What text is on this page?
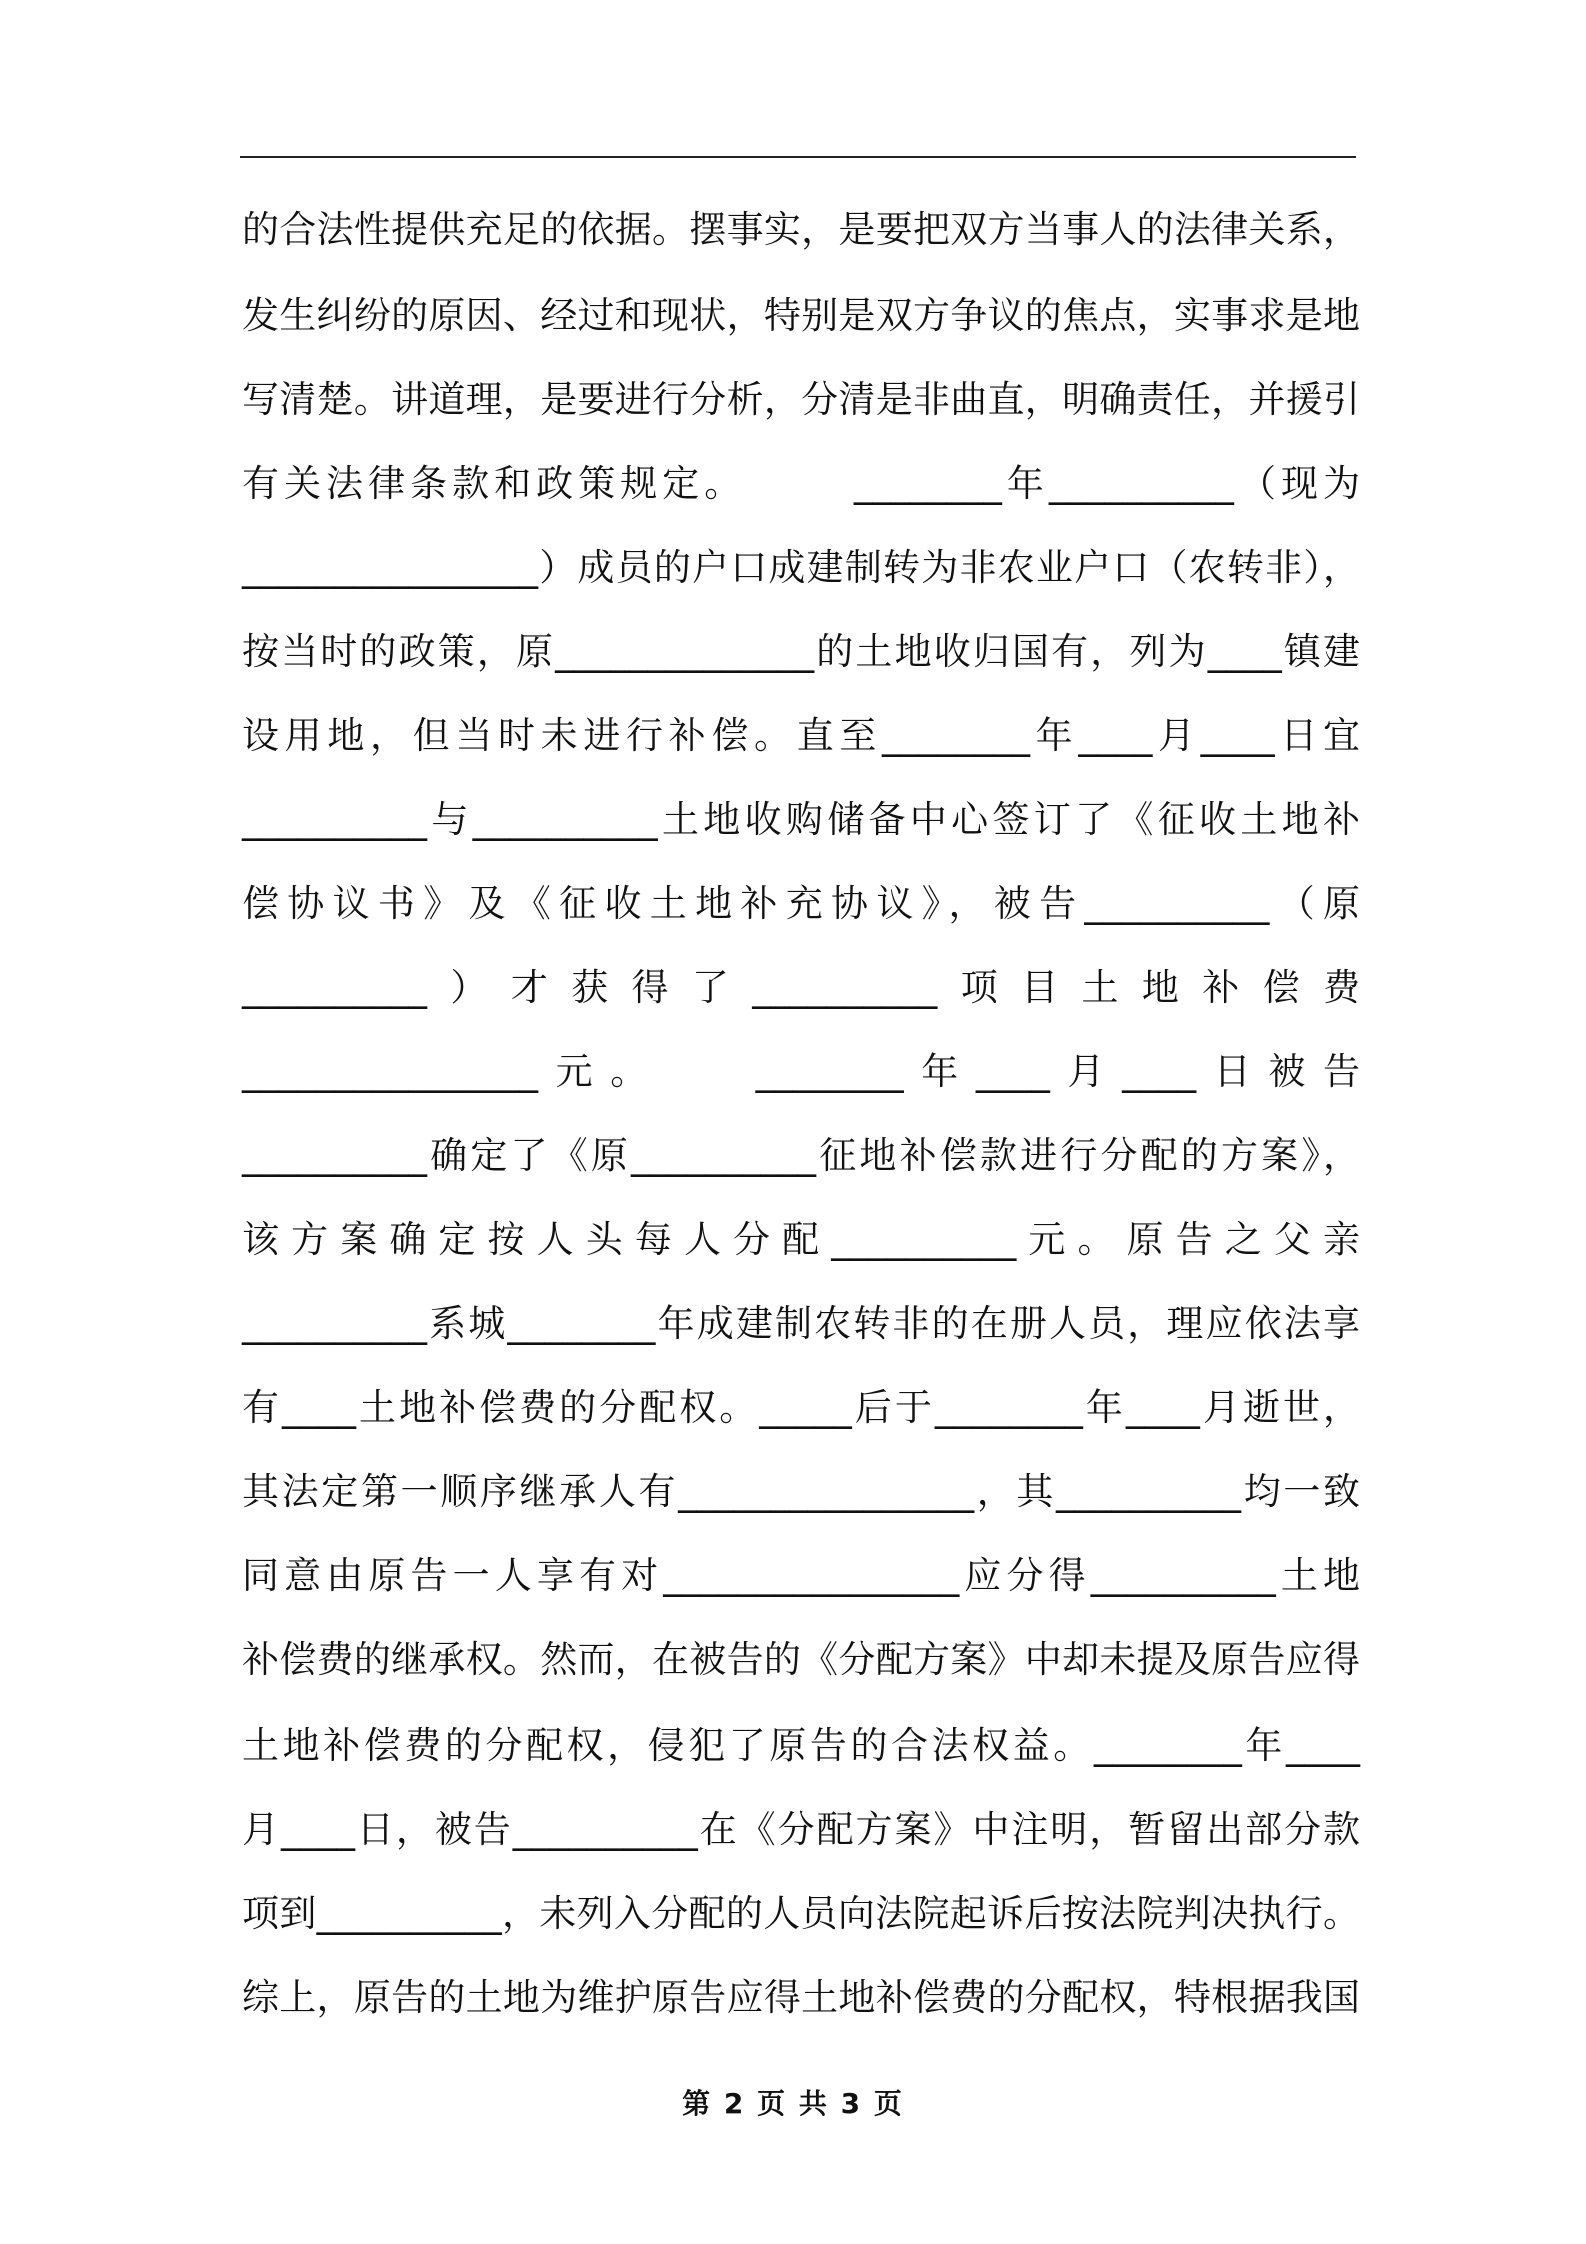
的合法性提供充足的依据。摆事实，是要把双方当事人的法律关系，
发生纠纷的原因、经过和现状，特别是双方争议的焦点，实事求是地
写清楚。讲道理，是要进行分析，分清是非曲直，明确责任，并援引
有关法律条款和政策规定。　　　________年__________（现为
________________）成员的户口成建制转为非农业户口（农转非），
按当时的政策，原______________的土地收归国有，列为____镇建
设用地，但当时未进行补偿。直至________年____月____日宜
__________与__________土地收购储备中心签订了《征收土地补
偿协议书》及《征收土地补充协议》，被告__________（原
__________）才获得了__________项目土地补偿费
________________元。　　________年____月____日被告
__________确定了《原__________征地补偿款进行分配的方案》，
该方案确定按人头每人分配__________元。原告之父亲
__________系城________年成建制农转非的在册人员，理应依法享
有____土地补偿费的分配权。_____后于________年____月逝世，
其法定第一顺序继承人有________________，其__________均一致
同意由原告一人享有对________________应分得__________土地
补偿费的继承权。然而，在被告的《分配方案》中却未提及原告应得
土地补偿费的分配权，侵犯了原告的合法权益。________年____
月____日，被告__________在《分配方案》中注明，暂留出部分款
项到__________，未列入分配的人员向法院起诉后按法院判决执行。
综上，原告的土地为维护原告应得土地补偿费的分配权，特根据我国
第 2 页 共 3 页
